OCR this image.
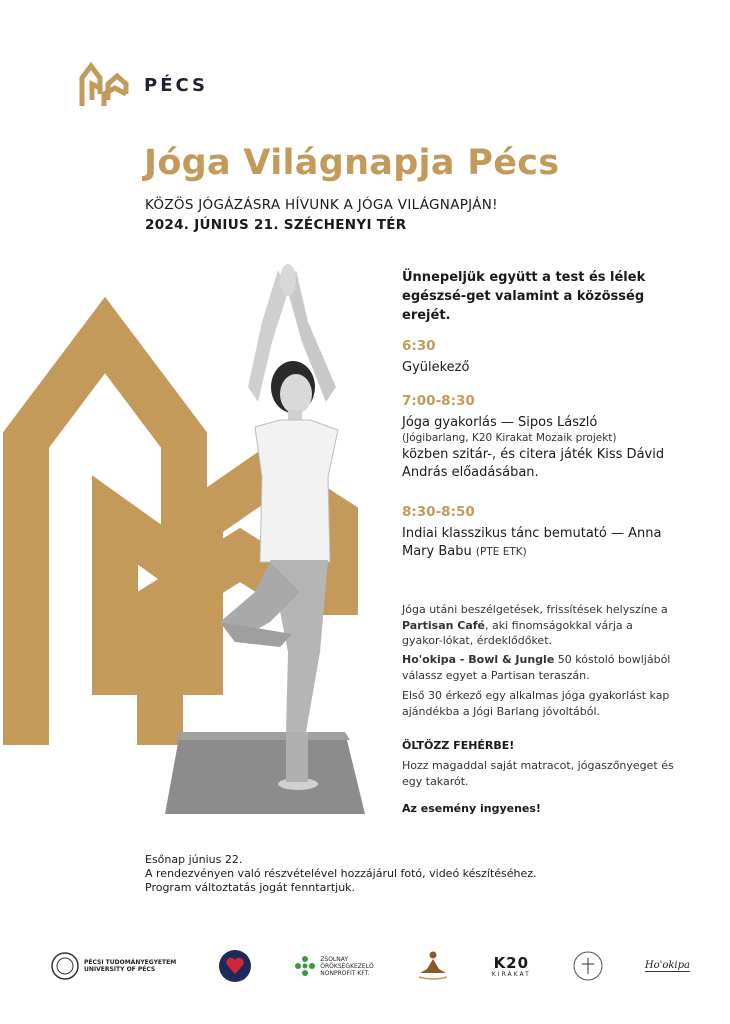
PÉCS
Jóga Világnapja Pécs
KÖZÖS JÓGÁZÁSRA HÍVUNK A JÓGA VILÁGNAPJÁN!
2024. JÚNIUS 21. SZÉCHENYI TÉR
Ünnepeljük együtt a test és lélek egészsé-get valamint a közösség erejét.
6:30
Gyülekező
7:00-8:30
Jóga gyakorlás — Sipos László
(Jógibarlang, K20 Kirakat Mozaik projekt)
közben szitár-, és citera játék Kiss Dávid András előadásában.
8:30-8:50
Indiai klasszikus tánc bemutató — Anna Mary Babu (PTE ETK)
Jóga utáni beszélgetések, frissítések helyszíne a Partisan Café, aki finomságokkal várja a gyakor-lókat, érdeklődőket.
Ho'okipa - Bowl & Jungle 50 kóstoló bowljából válassz egyet a Partisan teraszán.
Első 30 érkező egy alkalmas jóga gyakorlást kap ajándékba a Jógi Barlang jóvoltából.
ÖLTÖZZ FEHÉRBE!
Hozz magaddal saját matracot, jógaszőnyeget és egy takarót.
Az esemény ingyenes!
Esőnap június 22.
A rendezvényen való részvételével hozzájárul fotó, videó készítéséhez.
Program változtatás jogát fenntartjuk.
PÉCSI TUDOMÁNYEGYETEM
UNIVERSITY OF PÉCS
ZSOLNAY
ÖRÖKSÉGKEZELŐ
NONPROFIT KFT.
K20
KIRAKAT
Ho'okipa
